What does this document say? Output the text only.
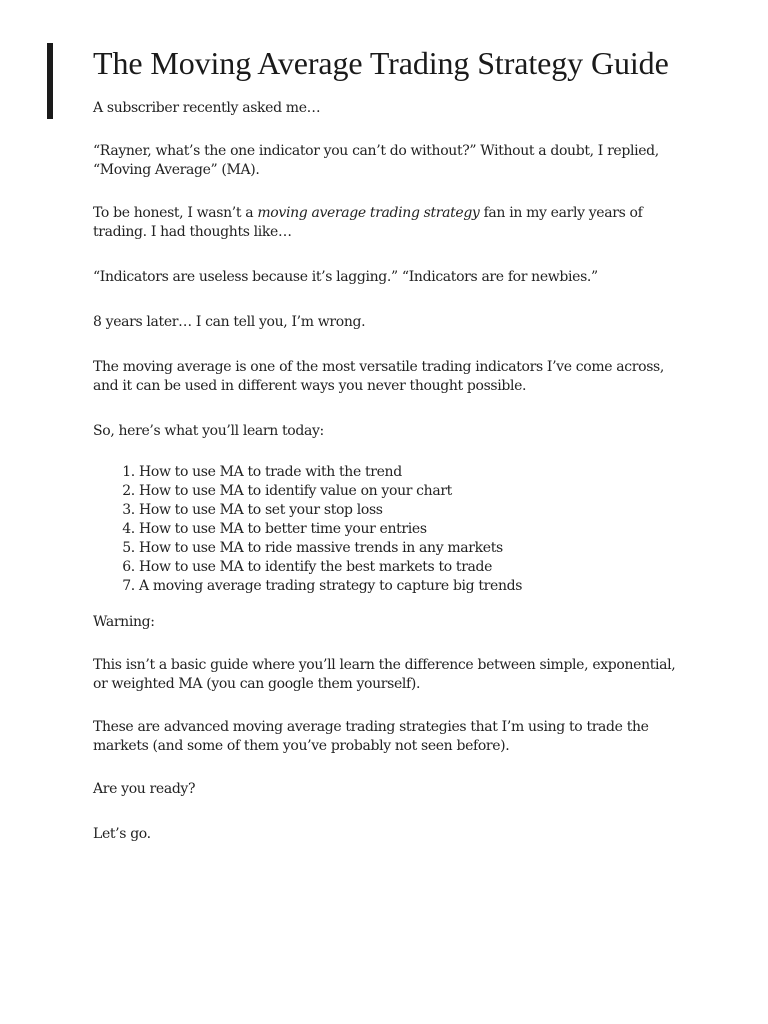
The Moving Average Trading Strategy Guide

A subscriber recently asked me…

“Rayner, what’s the one indicator you can’t do without?” Without a doubt, I replied, “Moving Average” (MA).

To be honest, I wasn’t a moving average trading strategy fan in my early years of trading. I had thoughts like…

“Indicators are useless because it’s lagging.” “Indicators are for newbies.”

8 years later… I can tell you, I’m wrong.

The moving average is one of the most versatile trading indicators I’ve come across, and it can be used in different ways you never thought possible.

So, here’s what you’ll learn today:

1. How to use MA to trade with the trend
2. How to use MA to identify value on your chart
3. How to use MA to set your stop loss
4. How to use MA to better time your entries
5. How to use MA to ride massive trends in any markets
6. How to use MA to identify the best markets to trade
7. A moving average trading strategy to capture big trends

Warning:

This isn’t a basic guide where you’ll learn the difference between simple, exponential, or weighted MA (you can google them yourself).

These are advanced moving average trading strategies that I’m using to trade the markets (and some of them you’ve probably not seen before).

Are you ready?

Let’s go.
